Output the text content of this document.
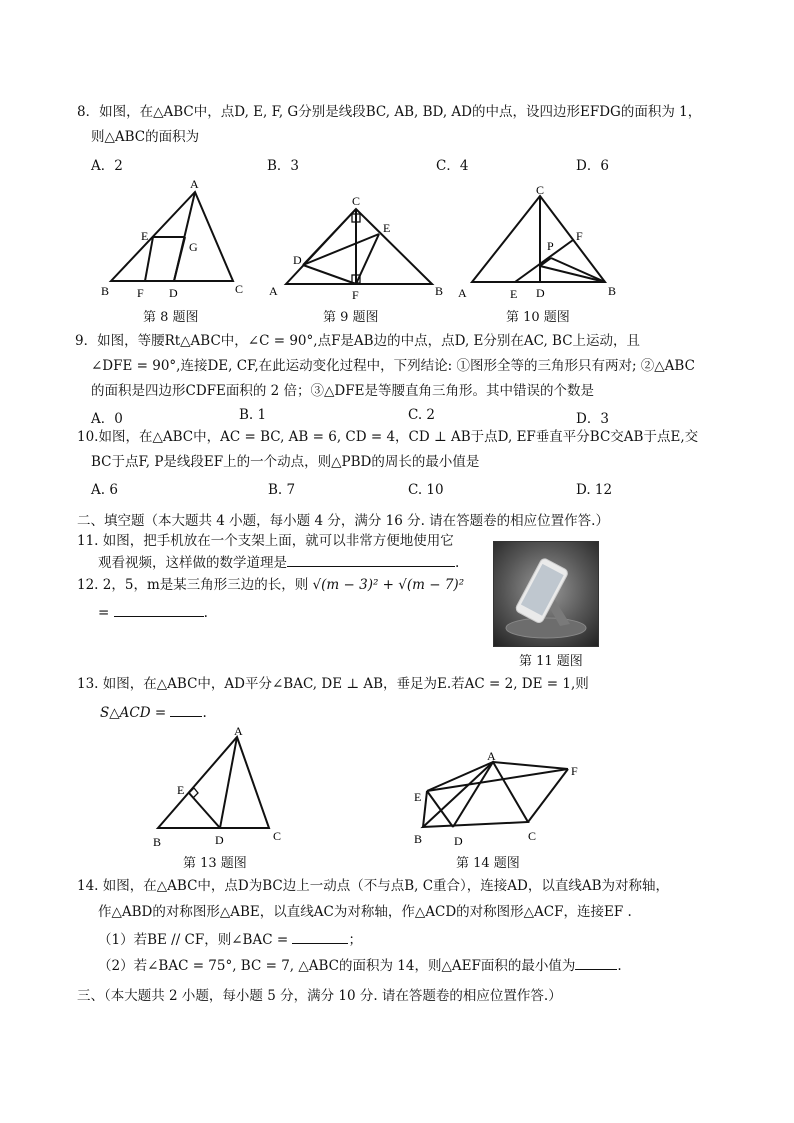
8．如图，在△ABC中，点D, E, F, G分别是线段BC, AB, BD, AD的中点，设四边形EFDG的面积为 1，
则△ABC的面积为
A．2	B．3	C．4	D．6
A
B	C
D
E
F
G
第 8 题图
C
E
D
A	B
F
第 9 题图
C
F
P
A	E D	B
第 10 题图
9．如图，等腰Rt△ABC中，∠C = 90°,点F是AB边的中点，点D, E分别在AC, BC上运动，且
∠DFE = 90°,连接DE, CF,在此运动变化过程中，下列结论: ①图形全等的三角形只有两对; ②△ABC
的面积是四边形CDFE面积的 2 倍；③△DFE是等腰直角三角形。其中错误的个数是
A．0	B. 1	C. 2	D．3
10.如图，在△ABC中，AC = BC, AB = 6, CD = 4，CD ⊥ AB于点D, EF垂直平分BC交AB于点E,交
BC于点F, P是线段EF上的一个动点，则△PBD的周长的最小值是
A. 6	B. 7	C. 10	D. 12
二、填空题（本大题共 4 小题，每小题 4 分，满分 16 分. 请在答题卷的相应位置作答.）
11. 如图，把手机放在一个支架上面，就可以非常方便地使用它
观看视频，这样做的数学道理是	.
第 11 题图
12. 2，5，m是某三角形三边的长，则 √(m − 3)² + √(m − 7)²
=	.
13. 如图，在△ABC中，AD平分∠BAC, DE ⊥ AB，垂足为E.若AC = 2, DE = 1,则
S△ACD =	.
A
E
B	D	C
第 13 题图
A
F
E
B	D	C
第 14 题图
14. 如图，在△ABC中，点D为BC边上一动点（不与点B, C重合），连接AD，以直线AB为对称轴，
作△ABD的对称图形△ABE，以直线AC为对称轴，作△ACD的对称图形△ACF，连接EF .
（1）若BE // CF，则∠BAC =	；
（2）若∠BAC = 75°, BC = 7, △ABC的面积为 14，则△AEF面积的最小值为	.
三、（本大题共 2 小题，每小题 5 分，满分 10 分. 请在答题卷的相应位置作答.）
